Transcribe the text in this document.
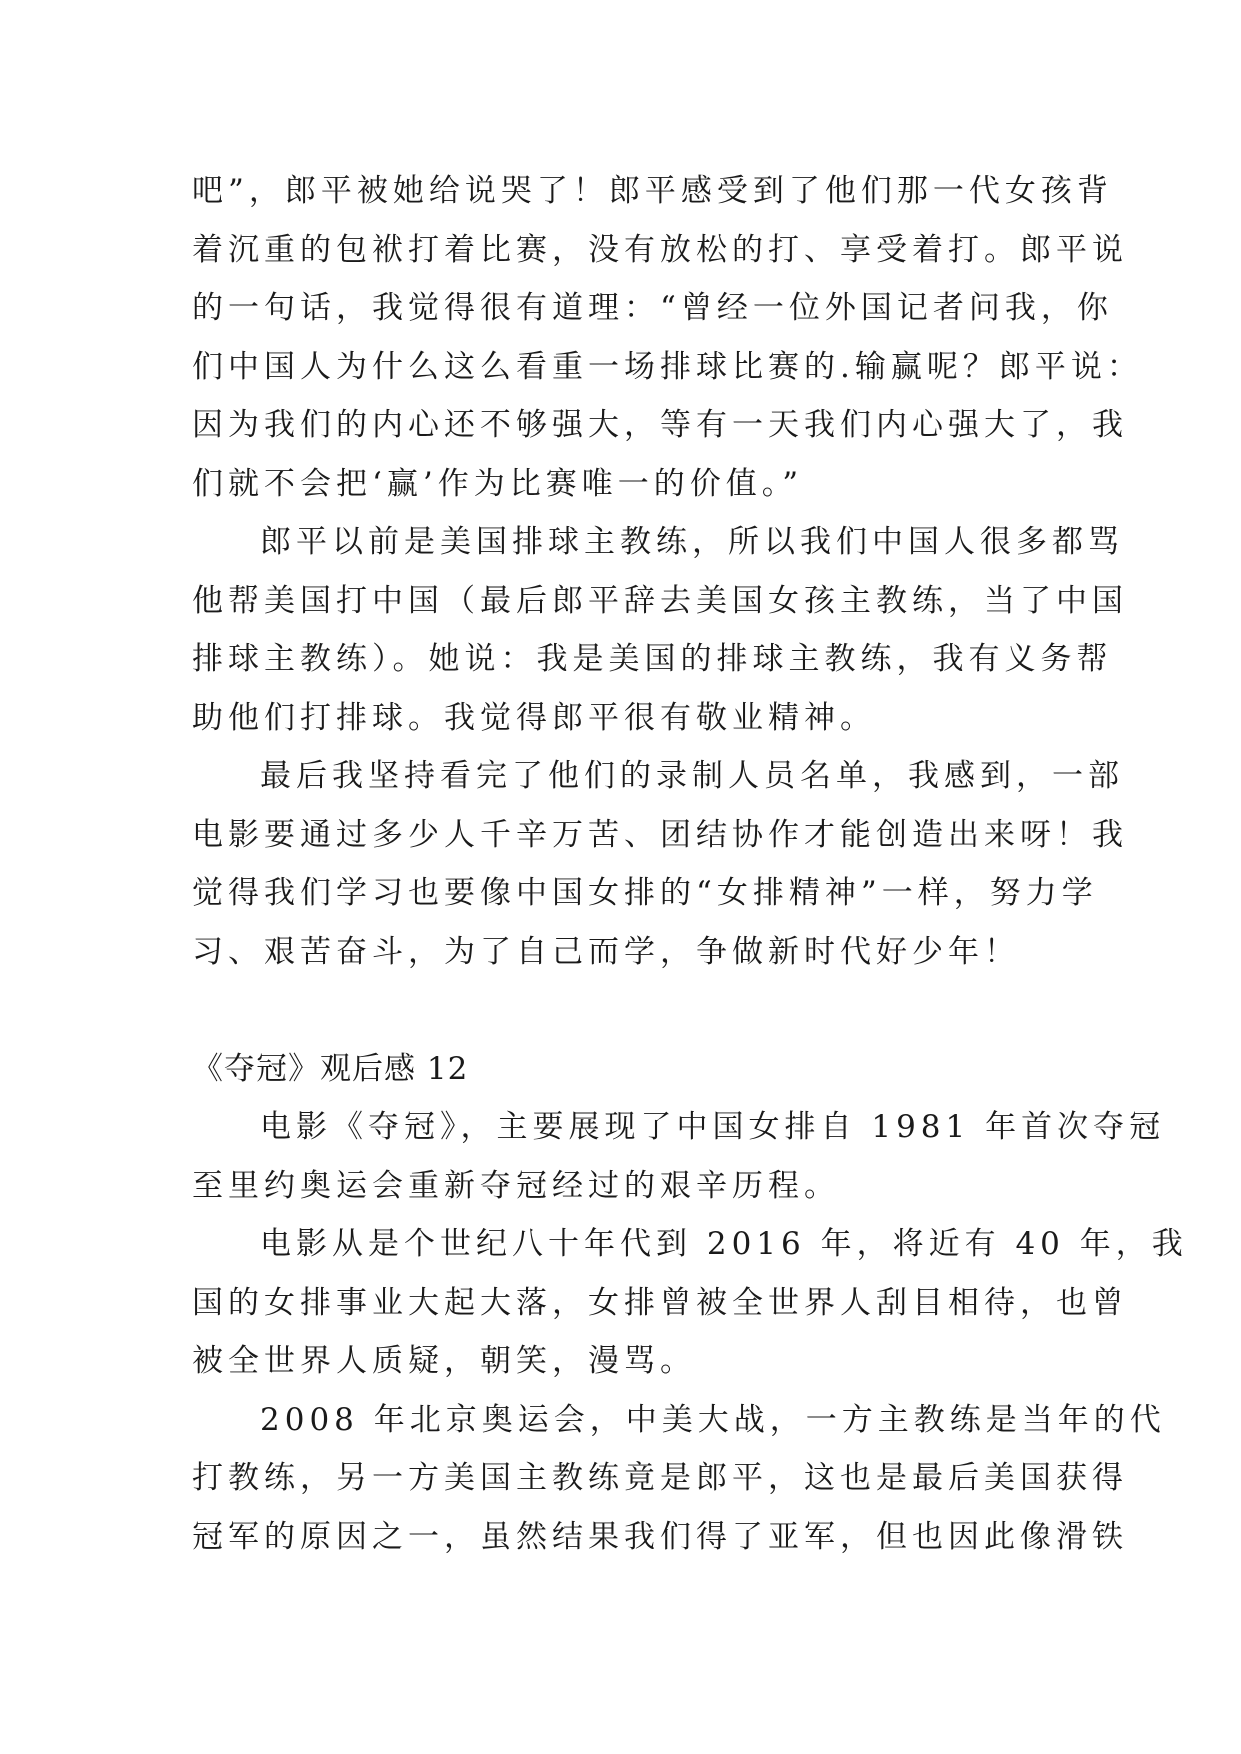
吧”，郎平被她给说哭了！郎平感受到了他们那一代女孩背
着沉重的包袱打着比赛，没有放松的打、享受着打。郎平说
的一句话，我觉得很有道理：“曾经一位外国记者问我，你
们中国人为什么这么看重一场排球比赛的.输赢呢？郎平说：
因为我们的内心还不够强大，等有一天我们内心强大了，我
们就不会把‘赢’作为比赛唯一的价值。”
郎平以前是美国排球主教练，所以我们中国人很多都骂
他帮美国打中国（最后郎平辞去美国女孩主教练，当了中国
排球主教练）。她说：我是美国的排球主教练，我有义务帮
助他们打排球。我觉得郎平很有敬业精神。
最后我坚持看完了他们的录制人员名单，我感到，一部
电影要通过多少人千辛万苦、团结协作才能创造出来呀！我
觉得我们学习也要像中国女排的“女排精神”一样，努力学
习、艰苦奋斗，为了自己而学，争做新时代好少年！
《夺冠》观后感 12
电影《夺冠》，主要展现了中国女排自 1981 年首次夺冠
至里约奥运会重新夺冠经过的艰辛历程。
电影从是个世纪八十年代到 2016 年，将近有 40 年，我
国的女排事业大起大落，女排曾被全世界人刮目相待，也曾
被全世界人质疑，朝笑，漫骂。
2008 年北京奥运会，中美大战，一方主教练是当年的代
打教练，另一方美国主教练竟是郎平，这也是最后美国获得
冠军的原因之一，虽然结果我们得了亚军，但也因此像滑铁
